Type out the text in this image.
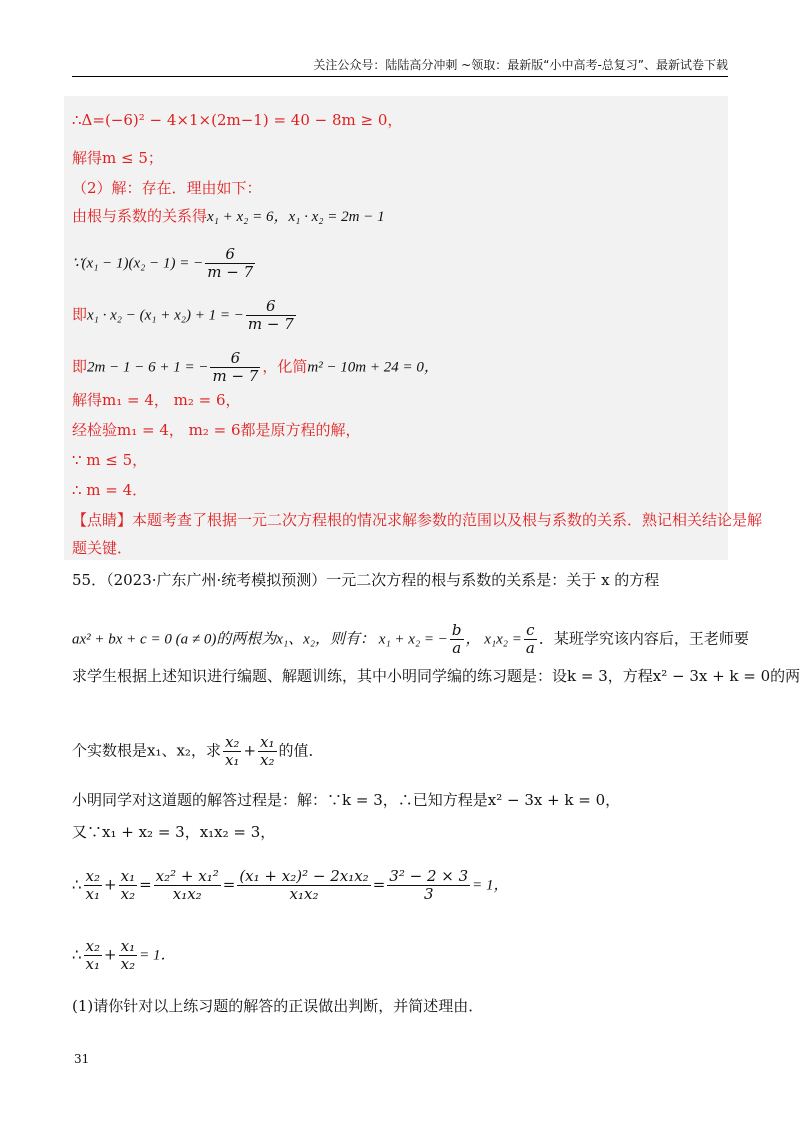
关注公众号：陆陆高分冲刺 ~领取：最新版“小中高考-总复习”、最新试卷下载
∴Δ=(−6)² − 4×1×(2m−1) = 40 − 8m ≥ 0，
解得m ≤ 5；
（2）解：存在．理由如下：
由根与系数的关系得x₁ + x₂ = 6，x₁ · x₂ = 2m − 1
∵(x₁ − 1)(x₂ − 1) = − $\frac{6}{m - 7}$
即x₁ · x₂ − (x₁ + x₂) + 1 = − $\frac{6}{m - 7}$
即2m − 1 − 6 + 1 = − $\frac{6}{m - 7}$ ，化简m² − 10m + 24 = 0，
解得m₁ = 4， m₂ = 6，
经检验m₁ = 4， m₂ = 6都是原方程的解，
∵ m ≤ 5，
∴ m = 4．
【点睛】本题考查了根据一元二次方程根的情况求解参数的范围以及根与系数的关系．熟记相关结论是解
题关键．
55．（2023·广东广州·统考模拟预测）一元二次方程的根与系数的关系是：关于 x 的方程
ax² + bx + c = 0 (a ≠ 0)的两根为x₁、x₂，则有： x₁ + x₂ = − $\frac{b}{a}$ ， $x_1x_2 = \frac{c}{a}$ ．某班学究该内容后，王老师要
求学生根据上述知识进行编题、解题训练，其中小明同学编的练习题是：设k = 3，方程x² − 3x + k = 0的两
个实数根是x₁、x₂，求 $\frac{\text{x₂}}{\text{x₁}} + \frac{\text{x₁}}{\text{x₂}}$ 的值．
小明同学对这道题的解答过程是：解：∵k = 3，∴已知方程是x² − 3x + k = 0，
又∵x₁ + x₂ = 3，x₁x₂ = 3，
∴ $\frac{\text{x₂}}{\text{x₁}} + \frac{\text{x₁}}{\text{x₂}} = \frac{\text{x₂² + x₁²}}{\text{x₁x₂}} = \frac{\text{(x₁ + x₂)² − 2x₁x₂}}{\text{x₁x₂}} = \frac{\text{3² − 2 × 3}}{3} = 1$，
∴ $\frac{\text{x₂}}{\text{x₁}} + \frac{\text{x₁}}{\text{x₂}} = 1$．
(1)请你针对以上练习题的解答的正误做出判断，并简述理由．
31
